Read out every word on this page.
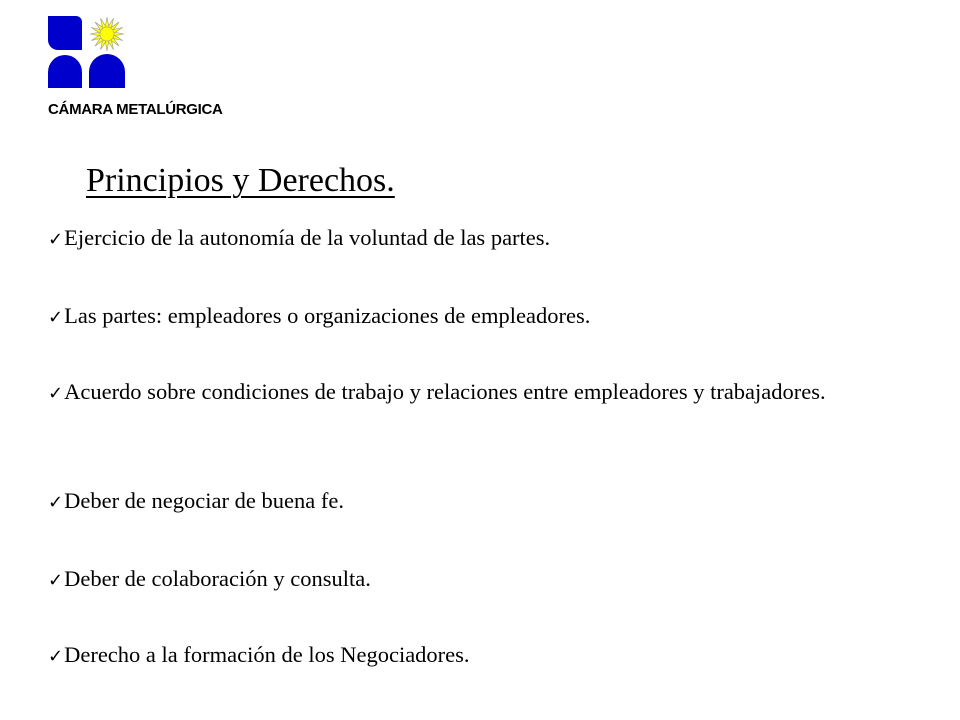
CÁMARA METALÚRGICA
Principios y Derechos.
✓Ejercicio de la autonomía de la voluntad de las partes.
✓Las partes: empleadores o organizaciones de empleadores.
✓Acuerdo sobre condiciones de trabajo y relaciones entre empleadores y trabajadores.
✓Deber de negociar de buena fe.
✓Deber de colaboración y consulta.
✓Derecho a la formación de los Negociadores.
